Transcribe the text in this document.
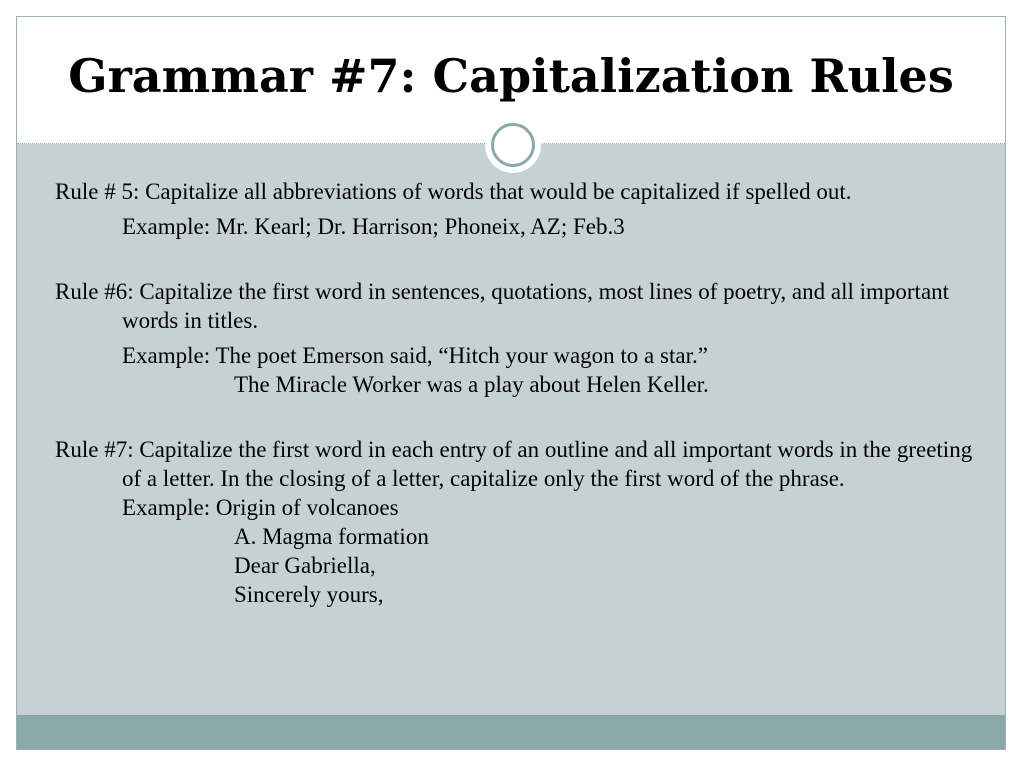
Grammar #7: Capitalization Rules

Rule # 5: Capitalize all abbreviations of words that would be capitalized if spelled out.

Example: Mr. Kearl; Dr. Harrison; Phoneix, AZ; Feb.3

Rule #6: Capitalize the first word in sentences, quotations, most lines of poetry, and all important words in titles.

Example: The poet Emerson said, “Hitch your wagon to a star.”

The Miracle Worker was a play about Helen Keller.

Rule #7: Capitalize the first word in each entry of an outline and all important words in the greeting of a letter. In the closing of a letter, capitalize only the first word of the phrase.

Example: Origin of volcanoes

A. Magma formation

Dear Gabriella,

Sincerely yours,
